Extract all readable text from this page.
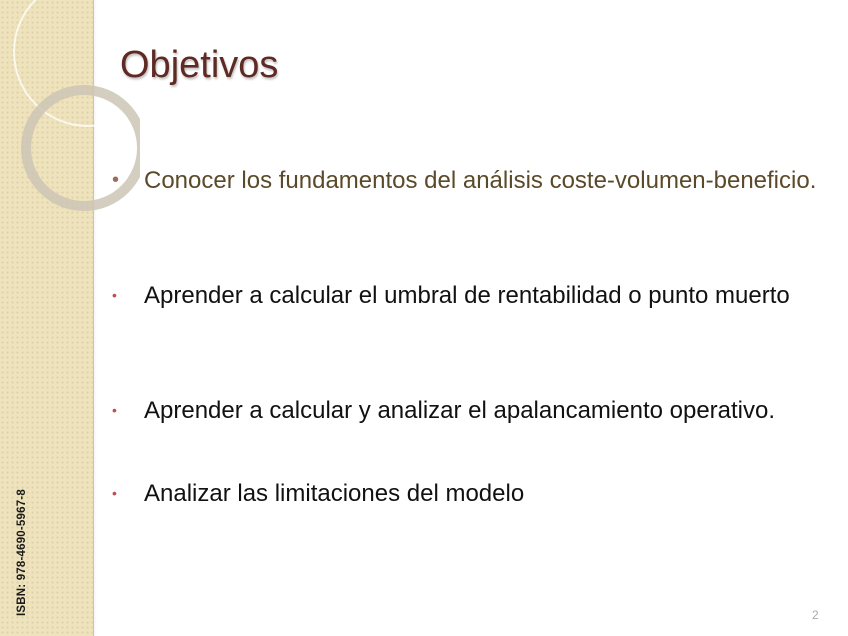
ISBN: 978-4690-5967-8
Objetivos
•	Conocer los fundamentos del análisis coste-volumen-beneficio.
•	Aprender a calcular el umbral de rentabilidad o punto muerto
•	Aprender a calcular y analizar el apalancamiento operativo.
•	Analizar las limitaciones del modelo
2
